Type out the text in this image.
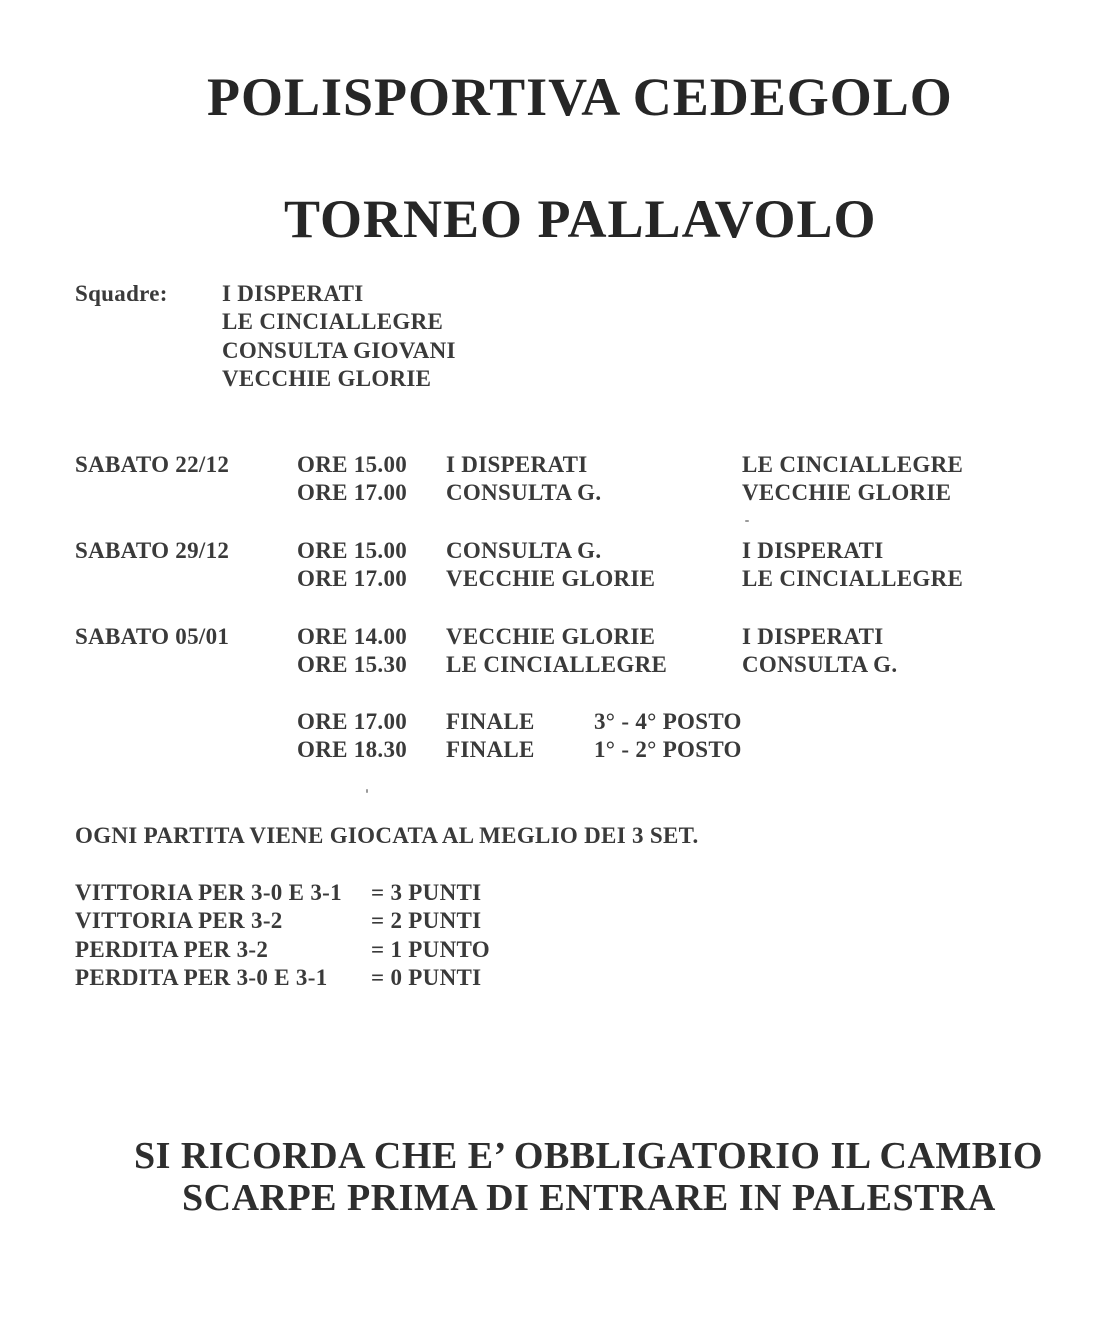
POLISPORTIVA CEDEGOLO
TORNEO PALLAVOLO
Squadre: I DISPERATI
LE CINCIALLEGRE
CONSULTA GIOVANI
VECCHIE GLORIE
SABATO 22/12	ORE 15.00 I DISPERATI	LE CINCIALLEGRE
ORE 17.00 CONSULTA G.	VECCHIE GLORIE
SABATO 29/12	ORE 15.00 CONSULTA G.	I DISPERATI
ORE 17.00 VECCHIE GLORIE	LE CINCIALLEGRE
SABATO 05/01	ORE 14.00 VECCHIE GLORIE	I DISPERATI
ORE 15.30 LE CINCIALLEGRE	CONSULTA G.
ORE 17.00 FINALE	3° - 4° POSTO
ORE 18.30 FINALE	1° - 2° POSTO
OGNI PARTITA VIENE GIOCATA AL MEGLIO DEI 3 SET.
VITTORIA PER 3-0 E 3-1 = 3 PUNTI
VITTORIA PER 3-2	= 2 PUNTI
PERDITA PER 3-2	= 1 PUNTO
PERDITA PER 3-0 E 3-1 = 0 PUNTI
SI RICORDA CHE E’ OBBLIGATORIO IL CAMBIO
SCARPE PRIMA DI ENTRARE IN PALESTRA
